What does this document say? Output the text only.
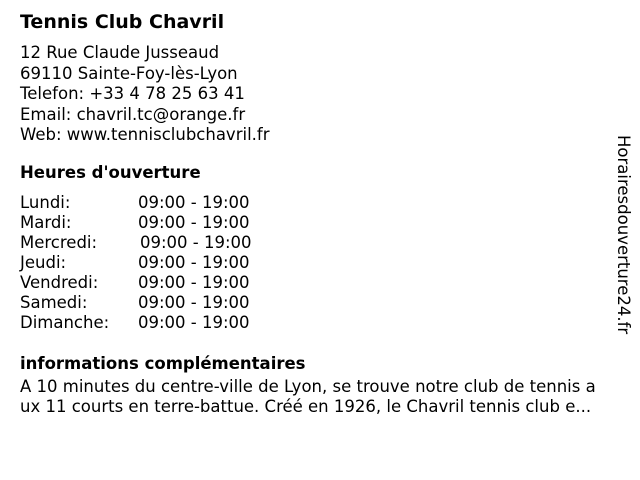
Tennis Club Chavril
12 Rue Claude Jusseaud
69110 Sainte-Foy-lès-Lyon
Telefon: +33 4 78 25 63 41
Email: chavril.tc@orange.fr
Web: www.tennisclubchavril.fr
Heures d'ouverture
Lundi:	09:00 - 19:00
Mardi:	09:00 - 19:00
Mercredi:	09:00 - 19:00
Jeudi:	09:00 - 19:00
Vendredi: 09:00 - 19:00
Samedi:	09:00 - 19:00
Dimanche: 09:00 - 19:00
informations complémentaires
A 10 minutes du centre-ville de Lyon, se trouve notre club de tennis a
ux 11 courts en terre-battue. Créé en 1926, le Chavril tennis club e...
Horairesdouverture24.fr
